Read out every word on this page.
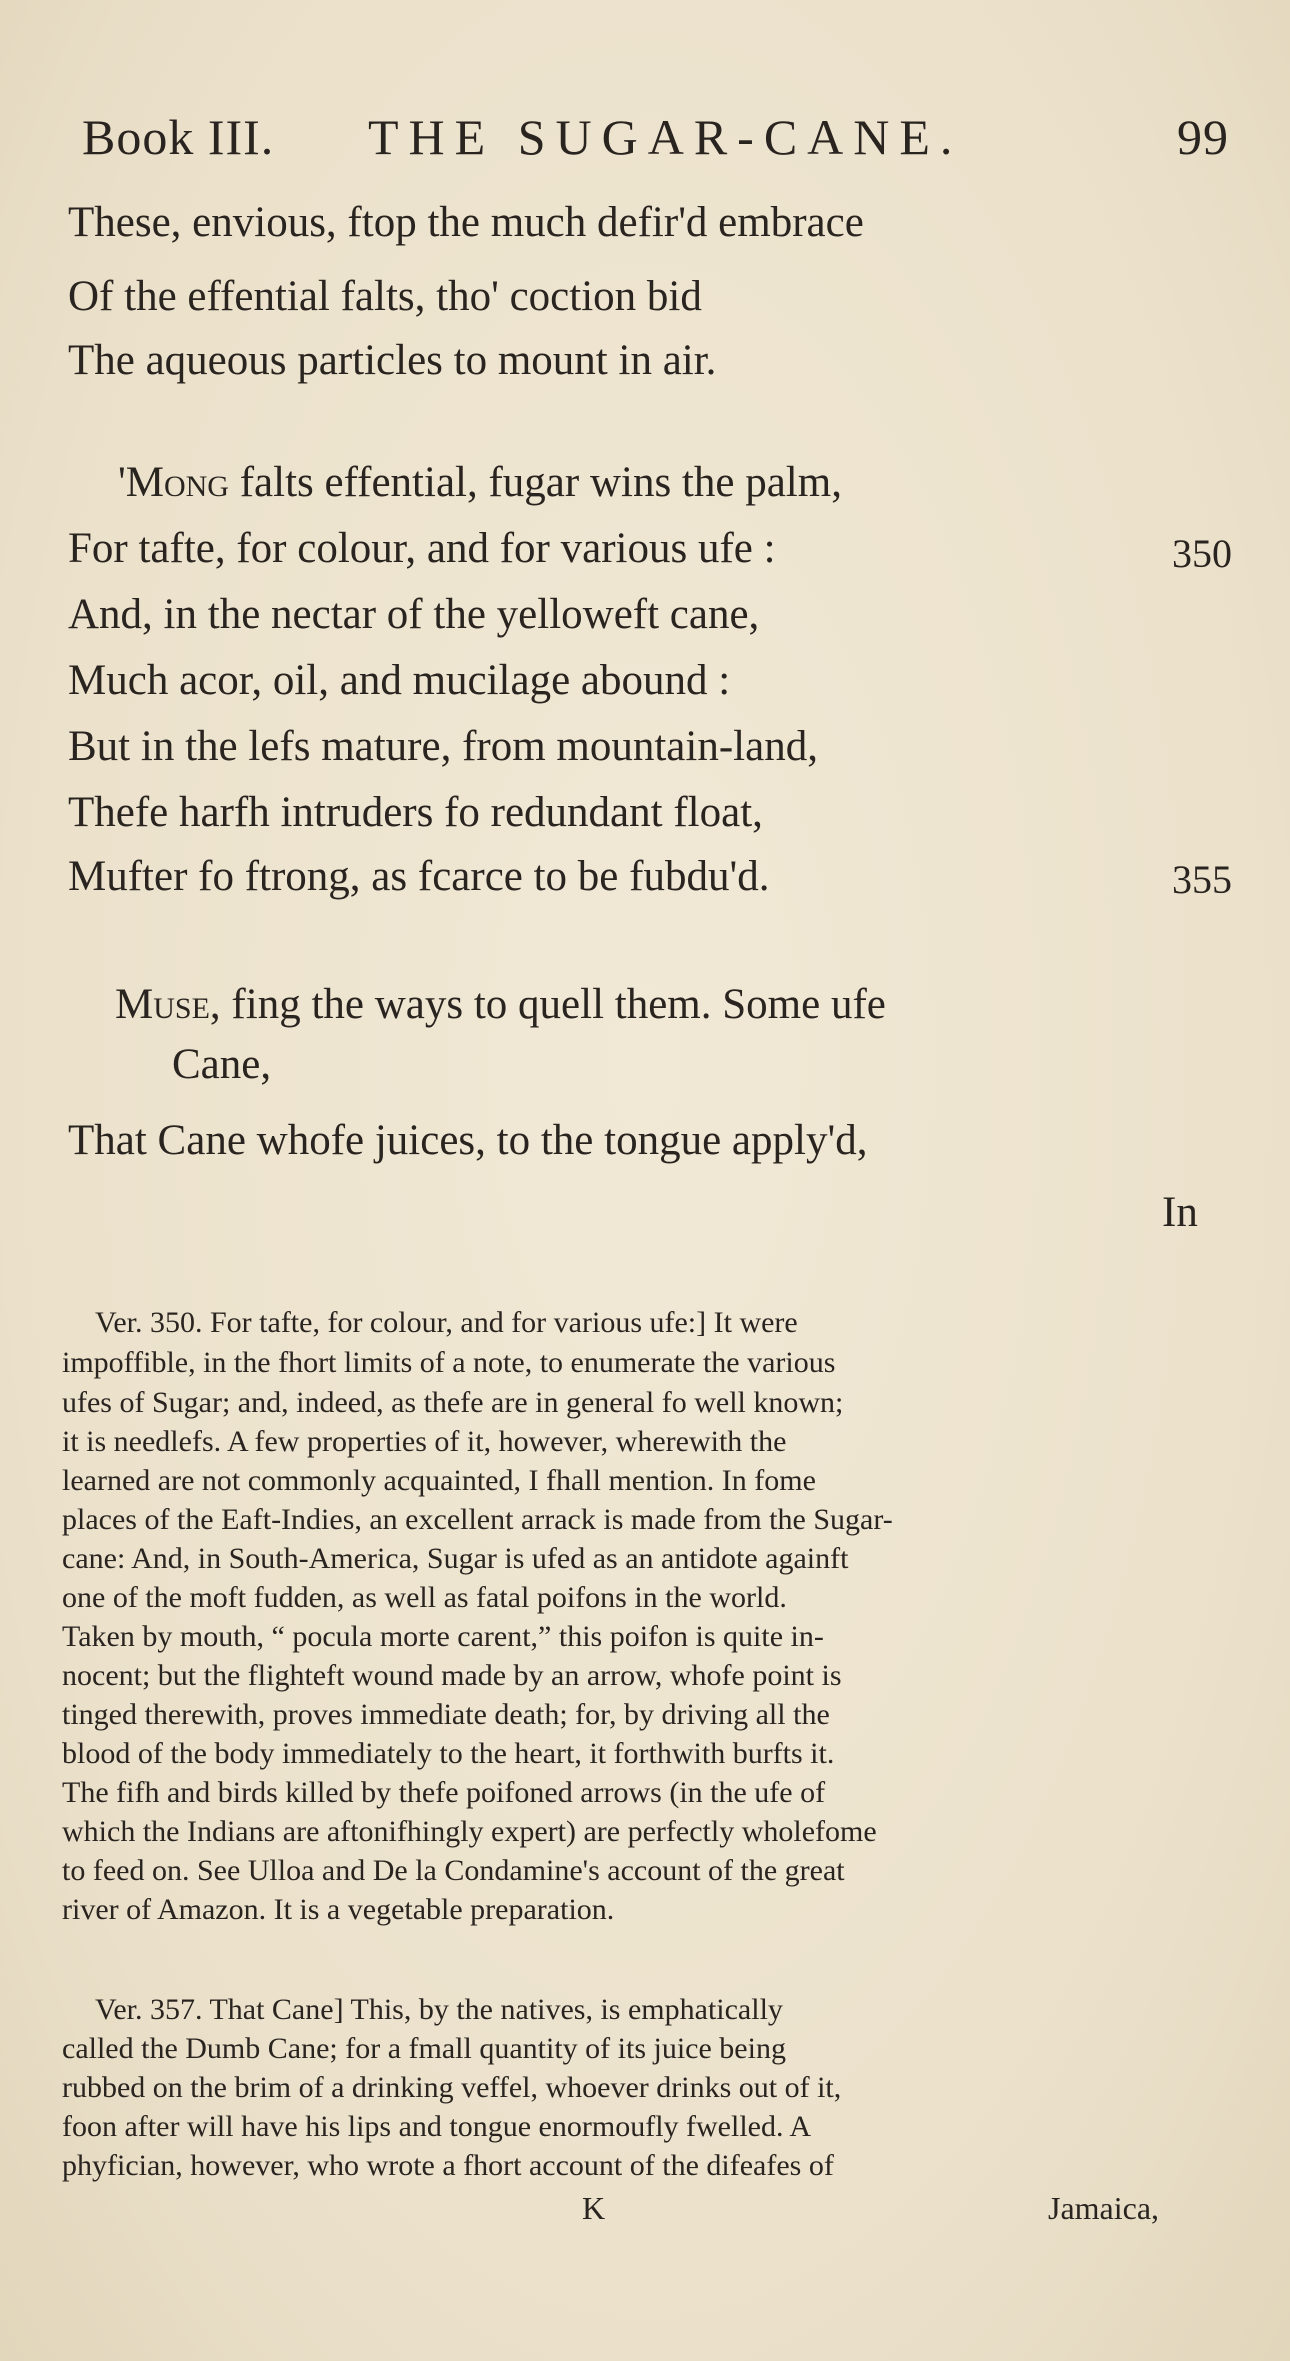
Book III. THE SUGAR-CANE.	99
These, envious, ftop the much defir'd embrace
Of the effential falts, tho' coction bid
The aqueous particles to mount in air.
'Mong falts effential, fugar wins the palm,
For tafte, for colour, and for various ufe :	350
And, in the nectar of the yelloweft cane,
Much acor, oil, and mucilage abound :
But in the lefs mature, from mountain-land,
Thefe harfh intruders fo redundant float,
Mufter fo ftrong, as fcarce to be fubdu'd.	355
Muse, fing the ways to quell them. Some ufe
Cane,
That Cane whofe juices, to the tongue apply'd,
In
Ver. 350. For tafte, for colour, and for various ufe:] It were
impoffible, in the fhort limits of a note, to enumerate the various
ufes of Sugar; and, indeed, as thefe are in general fo well known;
it is needlefs. A few properties of it, however, wherewith the
learned are not commonly acquainted, I fhall mention. In fome
places of the Eaft-Indies, an excellent arrack is made from the Sugar-
cane: And, in South-America, Sugar is ufed as an antidote againft
one of the moft fudden, as well as fatal poifons in the world.
Taken by mouth, “ pocula morte carent,” this poifon is quite in-
nocent; but the flighteft wound made by an arrow, whofe point is
tinged therewith, proves immediate death; for, by driving all the
blood of the body immediately to the heart, it forthwith burfts it.
The fifh and birds killed by thefe poifoned arrows (in the ufe of
which the Indians are aftonifhingly expert) are perfectly wholefome
to feed on. See Ulloa and De la Condamine's account of the great
river of Amazon. It is a vegetable preparation.
Ver. 357. That Cane] This, by the natives, is emphatically
called the Dumb Cane; for a fmall quantity of its juice being
rubbed on the brim of a drinking veffel, whoever drinks out of it,
foon after will have his lips and tongue enormoufly fwelled. A
phyfician, however, who wrote a fhort account of the difeafes of
K	Jamaica,
